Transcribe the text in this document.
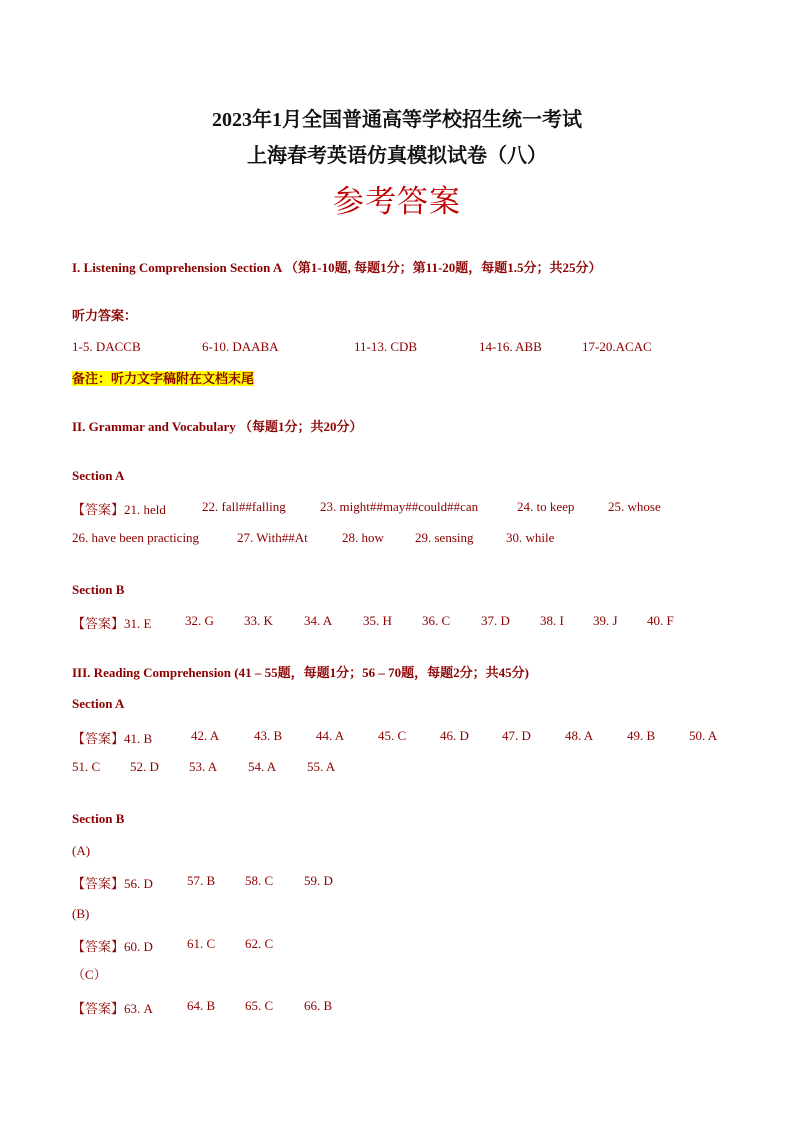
2023年1月全国普通高等学校招生统一考试
上海春考英语仿真模拟试卷（八）
参考答案
I. Listening Comprehension Section A （第1-10题, 每题1分；第11-20题，每题1.5分；共25分）
听力答案：
1-5. DACCB	6-10. DAABA	11-13. CDB	14-16. ABB	17-20.ACAC
备注：听力文字稿附在文档末尾
II. Grammar and Vocabulary （每题1分；共20分）
Section A
【答案】21. held	22. fall##falling	23. might##may##could##can	24. to keep	25. whose
26. have been practicing	27. With##At	28. how 29. sensing	30. while
Section B
【答案】31. E	32. G 33. K 34. A 35. H 36. C 37. D 38. I 39. J 40. F
III. Reading Comprehension (41 – 55题，每题1分；56 – 70题，每题2分；共45分)
Section A
【答案】41. B	42. A	43. B	44. A	45. C	46. D	47. D	48. A	49. B	50. A
51. C 52. D 53. A 54. A 55. A
Section B
(A)
【答案】56. D	57. B 58. C 59. D
(B)
【答案】60. D	61. C 62. C
（C）
【答案】63. A	64. B 65. C 66. B
